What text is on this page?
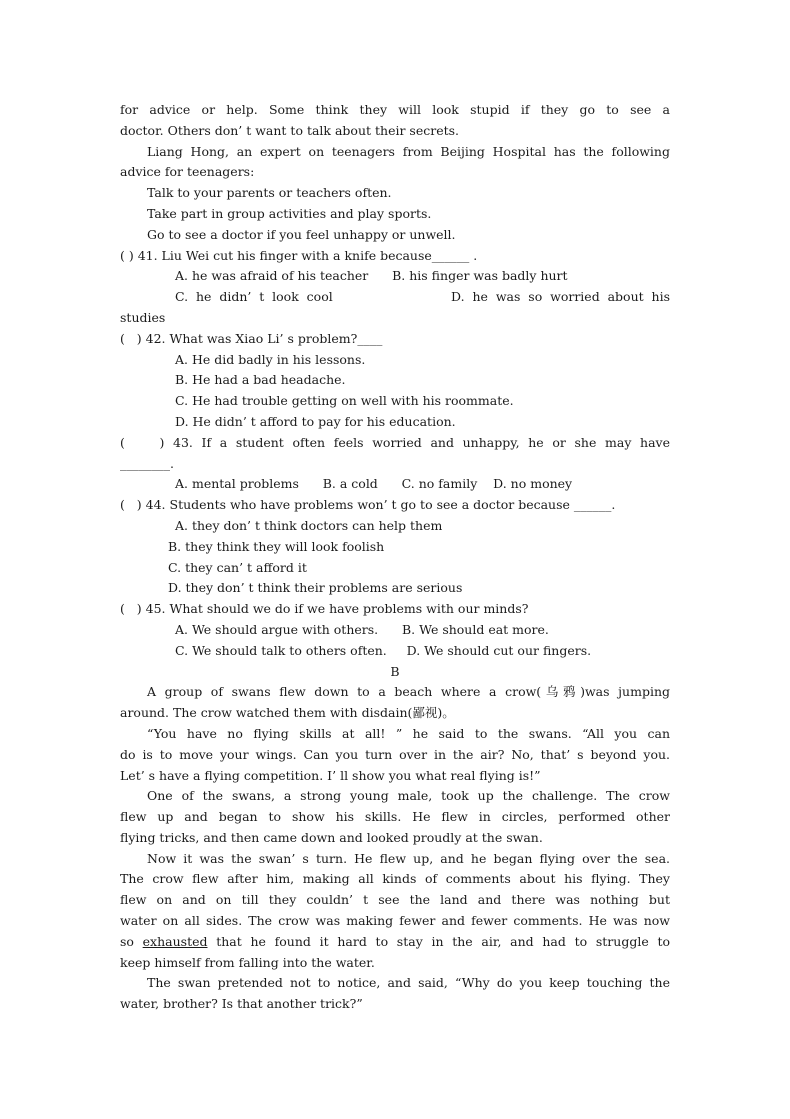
for advice or help. Some think they will look stupid if they go to see a
doctor. Others don’ t want to talk about their secrets.
Liang Hong, an expert on teenagers from Beijing Hospital has the following
advice for teenagers:
Talk to your parents or teachers often.
Take part in group activities and play sports.
Go to see a doctor if you feel unhappy or unwell.
( ) 41. Liu Wei cut his finger with a knife because______ .
A. he was afraid of his teacher      B. his finger was badly hurt
C. he didn’ t look cool               D. he was so worried about his
studies
(   ) 42. What was Xiao Li’ s problem?____
A. He did badly in his lessons.
B. He had a bad headache.
C. He had trouble getting on well with his roommate.
D. He didn’ t afford to pay for his education.
(    ) 43. If a student often feels worried and unhappy, he or she may have
________.
A. mental problems      B. a cold      C. no family    D. no money
(   ) 44. Students who have problems won’ t go to see a doctor because ______.
A. they don’ t think doctors can help them
B. they think they will look foolish
C. they can’ t afford it
D. they don’ t think their problems are serious
(   ) 45. What should we do if we have problems with our minds?
A. We should argue with others.      B. We should eat more.
C. We should talk to others often.     D. We should cut our fingers.
B
A group of swans flew down to a beach where a crow(乌鸦)was jumping
around. The crow watched them with disdain(鄙视)。
“You have no flying skills at all! ” he said to the swans. “All you can
do is to move your wings. Can you turn over in the air? No, that’ s beyond you.
Let’ s have a flying competition. I’ ll show you what real flying is!”
One of the swans, a strong young male, took up the challenge. The crow
flew up and began to show his skills. He flew in circles, performed other
flying tricks, and then came down and looked proudly at the swan.
Now it was the swan’ s turn. He flew up, and he began flying over the sea.
The crow flew after him, making all kinds of comments about his flying. They
flew on and on till they couldn’ t see the land and there was nothing but
water on all sides. The crow was making fewer and fewer comments. He was now
so exhausted that he found it hard to stay in the air, and had to struggle to
keep himself from falling into the water.
The swan pretended not to notice, and said, “Why do you keep touching the
water, brother? Is that another trick?”
